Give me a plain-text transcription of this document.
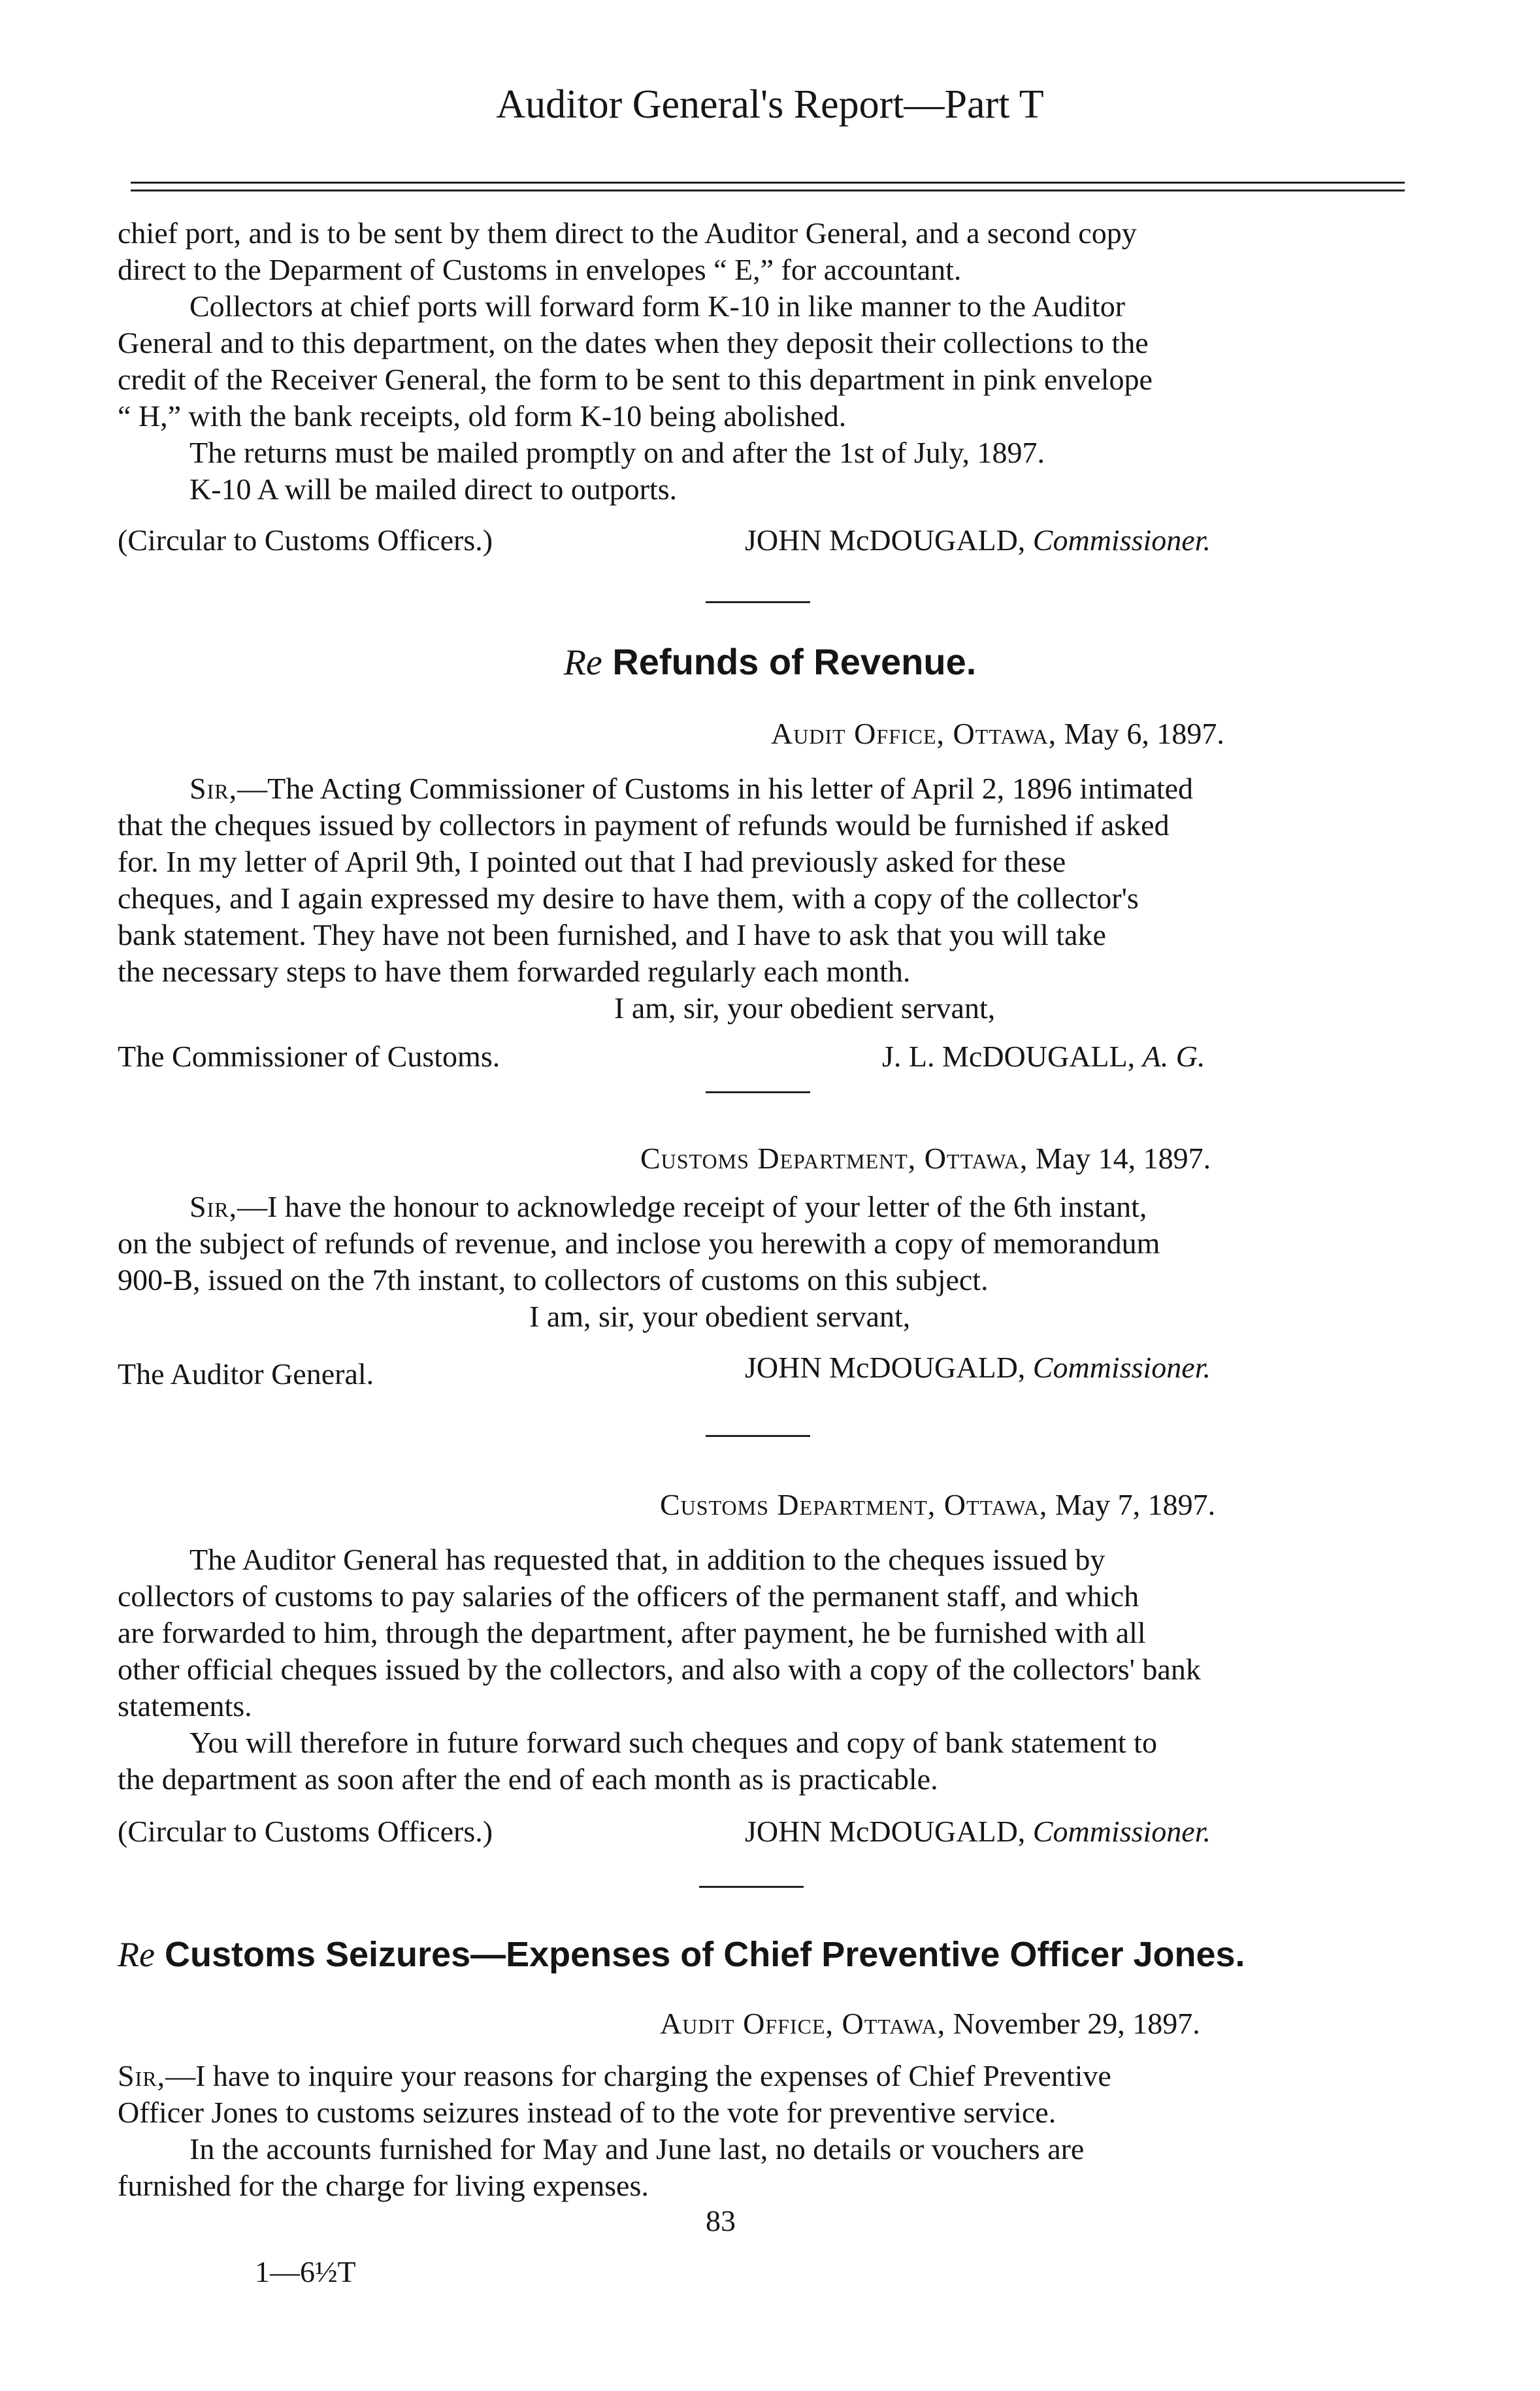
Auditor General's Report—Part T
chief port, and is to be sent by them direct to the Auditor General, and a second copy
direct to the Deparment of Customs in envelopes “ E,” for accountant.
Collectors at chief ports will forward form K-10 in like manner to the Auditor
General and to this department, on the dates when they deposit their collections to the
credit of the Receiver General, the form to be sent to this department in pink envelope
“ H,” with the bank receipts, old form K-10 being abolished.
The returns must be mailed promptly on and after the 1st of July, 1897.
K-10 A will be mailed direct to outports.
(Circular to Customs Officers.)	JOHN McDOUGALD, Commissioner.
Re Refunds of Revenue.
Audit Office, Ottawa, May 6, 1897.
Sir,—The Acting Commissioner of Customs in his letter of April 2, 1896 intimated
that the cheques issued by collectors in payment of refunds would be furnished if asked
for. In my letter of April 9th, I pointed out that I had previously asked for these
cheques, and I again expressed my desire to have them, with a copy of the collector's
bank statement. They have not been furnished, and I have to ask that you will take
the necessary steps to have them forwarded regularly each month.
I am, sir, your obedient servant,
The Commissioner of Customs.	J. L. McDOUGALL, A. G.
Customs Department, Ottawa, May 14, 1897.
Sir,—I have the honour to acknowledge receipt of your letter of the 6th instant,
on the subject of refunds of revenue, and inclose you herewith a copy of memorandum
900-B, issued on the 7th instant, to collectors of customs on this subject.
I am, sir, your obedient servant,
The Auditor General.	JOHN McDOUGALD, Commissioner.
Customs Department, Ottawa, May 7, 1897.
The Auditor General has requested that, in addition to the cheques issued by
collectors of customs to pay salaries of the officers of the permanent staff, and which
are forwarded to him, through the department, after payment, he be furnished with all
other official cheques issued by the collectors, and also with a copy of the collectors' bank
statements.
You will therefore in future forward such cheques and copy of bank statement to
the department as soon after the end of each month as is practicable.
(Circular to Customs Officers.)	JOHN McDOUGALD, Commissioner.
Re Customs Seizures—Expenses of Chief Preventive Officer Jones.
Audit Office, Ottawa, November 29, 1897.
Sir,—I have to inquire your reasons for charging the expenses of Chief Preventive
Officer Jones to customs seizures instead of to the vote for preventive service.
In the accounts furnished for May and June last, no details or vouchers are
furnished for the charge for living expenses.
83
1—6½T
